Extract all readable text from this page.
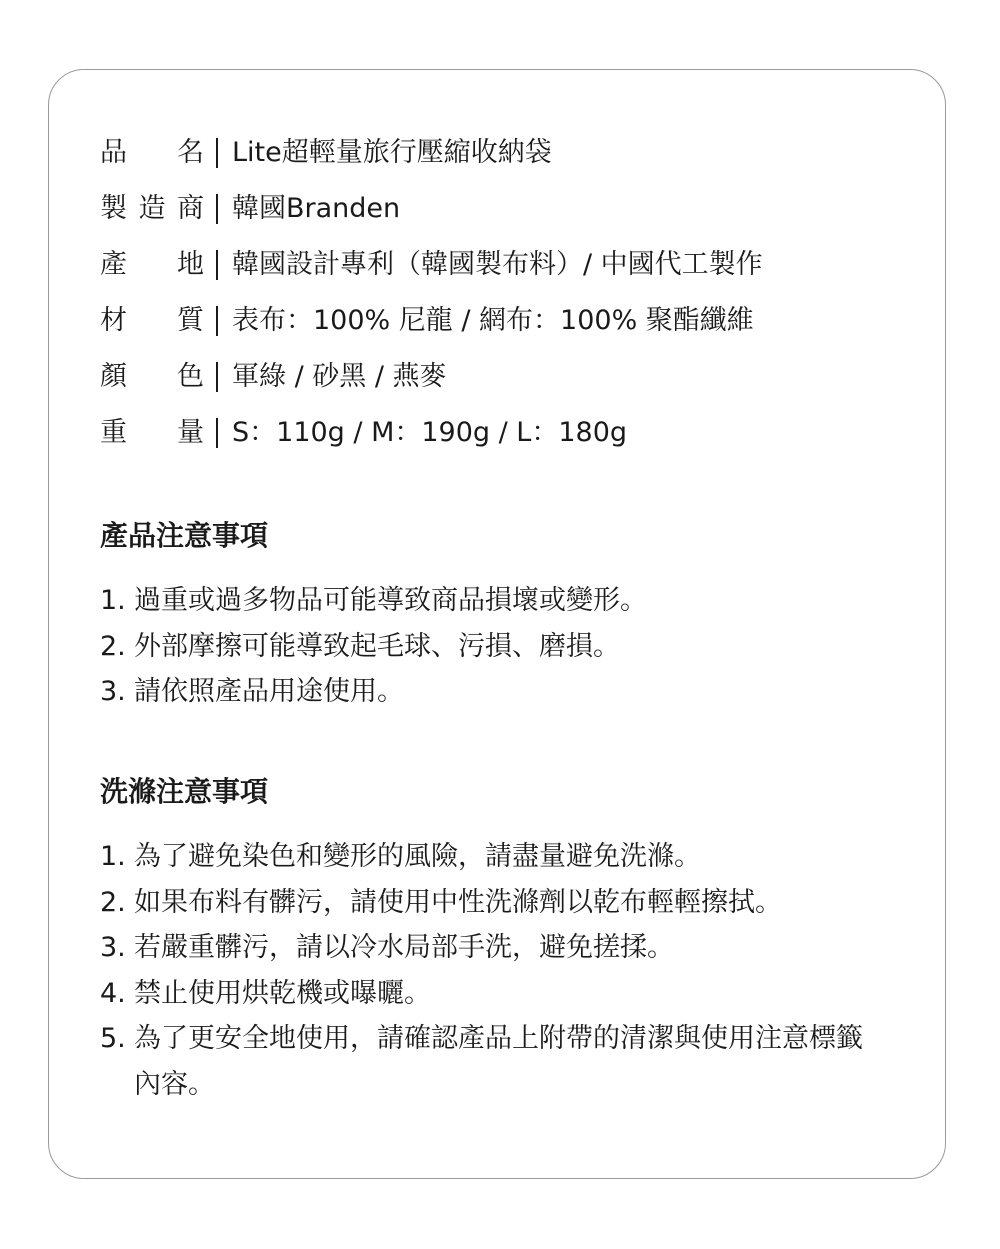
品 名 Lite超輕量旅行壓縮收納袋
製 造 商 韓國Branden
產 地 韓國設計專利（韓國製布料）/ 中國代工製作
材 質 表布：100% 尼龍 / 網布：100% 聚酯纖維
顏 色 軍綠 / 砂黑 / 燕麥
重 量 S：110g / M：190g / L：180g
產品注意事項
1. 過重或過多物品可能導致商品損壞或變形。
2. 外部摩擦可能導致起毛球、污損、磨損。
3. 請依照產品用途使用。
洗滌注意事項
1. 為了避免染色和變形的風險，請盡量避免洗滌。
2. 如果布料有髒污，請使用中性洗滌劑以乾布輕輕擦拭。
3. 若嚴重髒污，請以冷水局部手洗，避免搓揉。
4. 禁止使用烘乾機或曝曬。
5. 為了更安全地使用，請確認產品上附帶的清潔與使用注意標籤內容。
